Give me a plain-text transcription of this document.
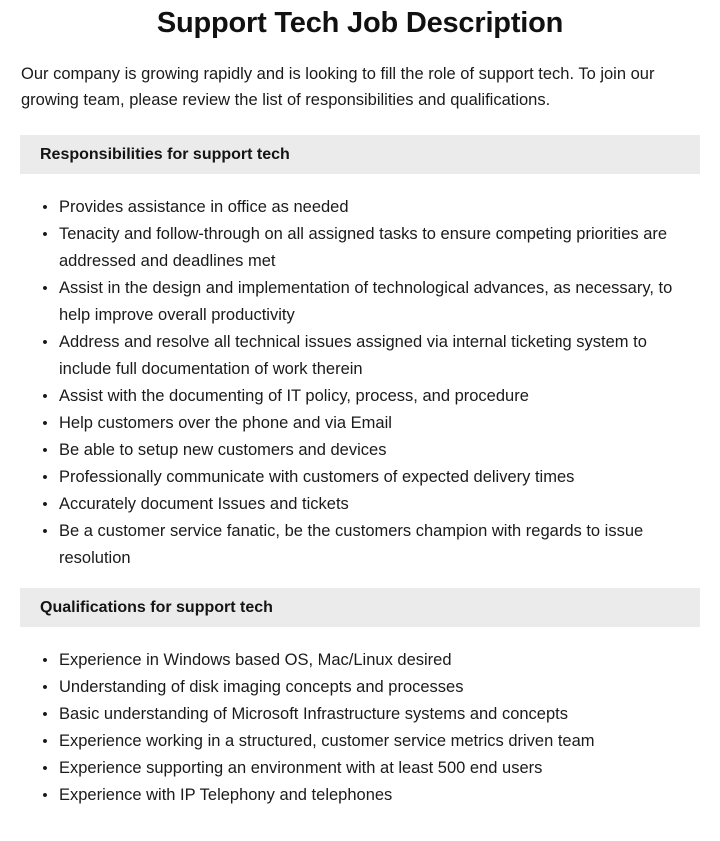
Support Tech Job Description

Our company is growing rapidly and is looking to fill the role of support tech. To join our growing team, please review the list of responsibilities and qualifications.

Responsibilities for support tech
• Provides assistance in office as needed
• Tenacity and follow-through on all assigned tasks to ensure competing priorities are addressed and deadlines met
• Assist in the design and implementation of technological advances, as necessary, to help improve overall productivity
• Address and resolve all technical issues assigned via internal ticketing system to include full documentation of work therein
• Assist with the documenting of IT policy, process, and procedure
• Help customers over the phone and via Email
• Be able to setup new customers and devices
• Professionally communicate with customers of expected delivery times
• Accurately document Issues and tickets
• Be a customer service fanatic, be the customers champion with regards to issue resolution
Qualifications for support tech
• Experience in Windows based OS, Mac/Linux desired
• Understanding of disk imaging concepts and processes
• Basic understanding of Microsoft Infrastructure systems and concepts
• Experience working in a structured, customer service metrics driven team
• Experience supporting an environment with at least 500 end users
• Experience with IP Telephony and telephones
